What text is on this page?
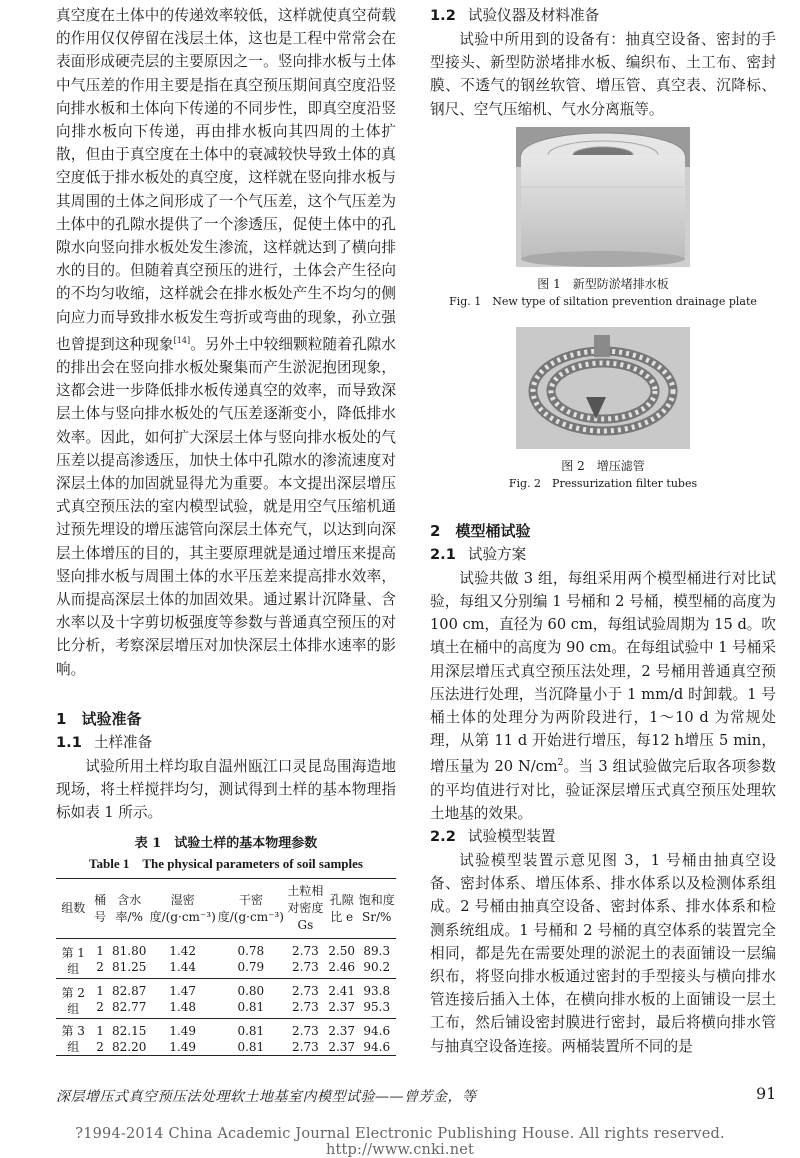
真空度在土体中的传递效率较低，这样就使真空荷载的作用仅仅停留在浅层土体，这也是工程中常常会在表面形成硬壳层的主要原因之一。竖向排水板与土体中气压差的作用主要是指在真空预压期间真空度沿竖向排水板和土体向下传递的不同步性，即真空度沿竖向排水板向下传递，再由排水板向其四周的土体扩散，但由于真空度在土体中的衰减较快导致土体的真空度低于排水板处的真空度，这样就在竖向排水板与其周围的土体之间形成了一个气压差，这个气压差为土体中的孔隙水提供了一个渗透压，促使土体中的孔隙水向竖向排水板处发生渗流，这样就达到了横向排水的目的。但随着真空预压的进行，土体会产生径向的不均匀收缩，这样就会在排水板处产生不均匀的侧向应力而导致排水板发生弯折或弯曲的现象，孙立强也曾提到这种现象[14]。另外土中较细颗粒随着孔隙水的排出会在竖向排水板处聚集而产生淤泥抱团现象，这都会进一步降低排水板传递真空的效率，而导致深层土体与竖向排水板处的气压差逐渐变小，降低排水效率。因此，如何扩大深层土体与竖向排水板处的气压差以提高渗透压，加快土体中孔隙水的渗流速度对深层土体的加固就显得尤为重要。本文提出深层增压式真空预压法的室内模型试验，就是用空气压缩机通过预先埋设的增压滤管向深层土体充气，以达到向深层土体增压的目的，其主要原理就是通过增压来提高竖向排水板与周围土体的水平压差来提高排水效率，从而提高深层土体的加固效果。通过累计沉降量、含水率以及十字剪切板强度等参数与普通真空预压的对比分析，考察深层增压对加快深层土体排水速率的影响。

1　 试验准备
1.1 土样准备

试验所用土样均取自温州瓯江口灵昆岛围海造地现场，将土样搅拌均匀，测试得到土样的基本物理指标如表 1 所示。

表 1　试验土样的基本物理参数
Table 1　The physical parameters of soil samples
组数	桶号	含水率/%	湿密度/(g·cm⁻³)	干密度/(g·cm⁻³)	土粒相对密度 Gs	孔隙比 e	饱和度 Sr/%
第 1 组	1	81.80	1.42	0.78	2.73	2.50	89.3
	2	81.25	1.44	0.79	2.73	2.46	90.2
第 2 组	1	82.87	1.47	0.80	2.73	2.41	93.8
	2	82.77	1.48	0.81	2.73	2.37	95.3
第 3 组	1	82.15	1.49	0.81	2.73	2.37	94.6
	2	82.20	1.49	0.81	2.73	2.37	94.6
1.2 试验仪器及材料准备

试验中所用到的设备有：抽真空设备、密封的手型接头、新型防淤堵排水板、编织布、土工布、密封膜、不透气的钢丝软管、增压管、真空表、沉降标、钢尺、空气压缩机、气水分离瓶等。

图 1　新型防淤堵排水板
Fig. 1　New type of siltation prevention drainage plate
图 2　增压滤管
Fig. 2　Pressurization filter tubes
2　 模型桶试验
2.1 试验方案

试验共做 3 组，每组采用两个模型桶进行对比试验，每组又分别编 1 号桶和 2 号桶，模型桶的高度为 100 cm，直径为 60 cm，每组试验周期为 15 d。吹填土在桶中的高度为 90 cm。在每组试验中 1 号桶采用深层增压式真空预压法处理，2 号桶用普通真空预压法进行处理，当沉降量小于 1 mm/d 时卸载。1 号桶土体的处理分为两阶段进行，1～10 d 为常规处理，从第 11 d 开始进行增压，每12 h增压 5 min，增压量为 20 $N/cm^2$。当 3 组试验做完后取各项参数的平均值进行对比，验证深层增压式真空预压处理软土地基的效果。

2.2 试验模型装置

试验模型装置示意见图 3，1 号桶由抽真空设备、密封体系、增压体系、排水体系以及检测体系组成。2 号桶由抽真空设备、密封体系、排水体系和检测系统组成。1 号桶和 2 号桶的真空体系的装置完全相同，都是先在需要处理的淤泥土的表面铺设一层编织布，将竖向排水板通过密封的手型接头与横向排水管连接后插入土体，在横向排水板的上面铺设一层土工布，然后铺设密封膜进行密封，最后将横向排水管与抽真空设备连接。两桶装置所不同的是

深层增压式真空预压法处理软土地基室内模型试验——曾芳金，等	91
?1994-2014 China Academic Journal Electronic Publishing House. All rights reserved. http://www.cnki.net
